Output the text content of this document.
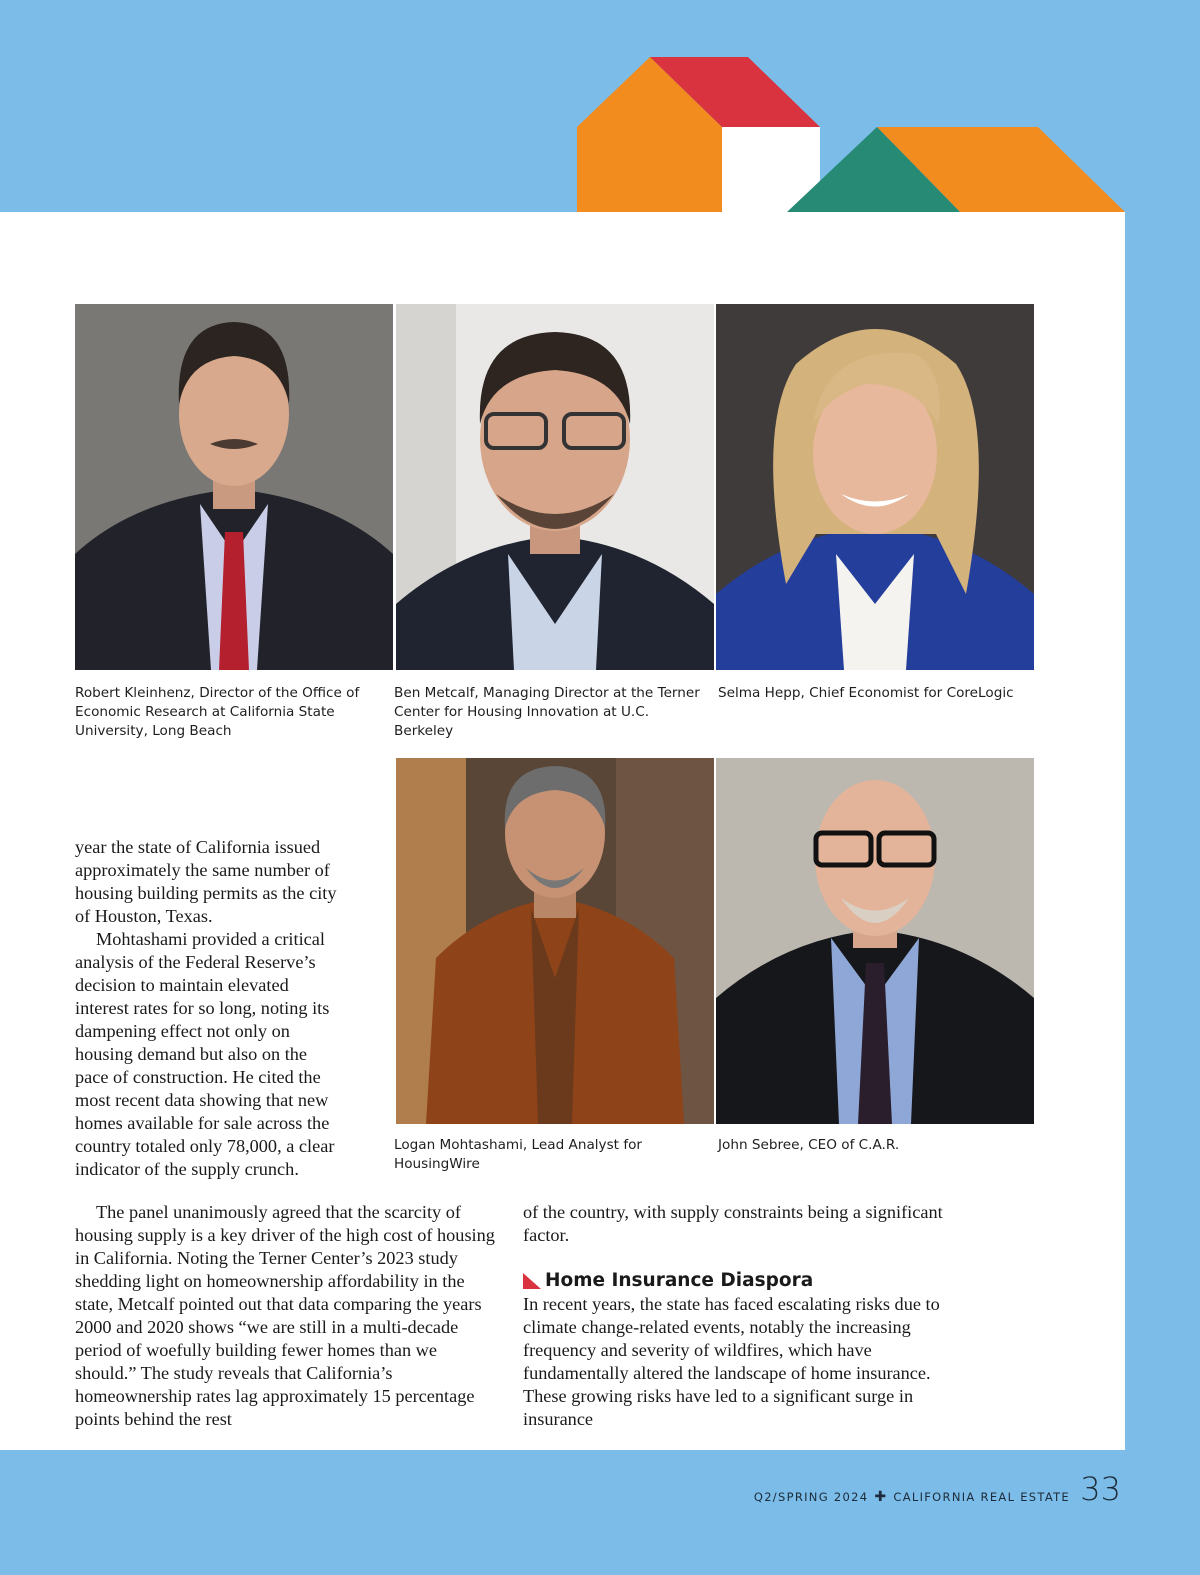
Robert Kleinhenz, Director of the Office of Economic Research at California State University, Long Beach
Ben Metcalf, Managing Director at the Terner Center for Housing Innovation at U.C. Berkeley
Selma Hepp, Chief Economist for CoreLogic
Logan Mohtashami, Lead Analyst for HousingWire
John Sebree, CEO of C.A.R.

year the state of California issued approximately the same number of housing building permits as the city of Houston, Texas.

Mohtashami provided a critical analysis of the Federal Reserve’s decision to maintain elevated interest rates for so long, noting its dampening effect not only on housing demand but also on the pace of construction. He cited the most recent data showing that new homes available for sale across the country totaled only 78,000, a clear indicator of the supply crunch.

The panel unanimously agreed that the scarcity of housing supply is a key driver of the high cost of housing in California. Noting the Terner Center’s 2023 study shedding light on homeownership affordability in the state, Metcalf pointed out that data comparing the years 2000 and 2020 shows “we are still in a multi-decade period of woefully building fewer homes than we should.” The study reveals that California’s homeownership rates lag approximately 15 percentage points behind the rest

of the country, with supply constraints being a significant factor.

Home Insurance Diaspora

In recent years, the state has faced escalating risks due to climate change-related events, notably the increasing frequency and severity of wildfires, which have fundamentally altered the landscape of home insurance. These growing risks have led to a significant surge in insurance

Q2/SPRING 2024 ✚ CALIFORNIA REAL ESTATE 33
